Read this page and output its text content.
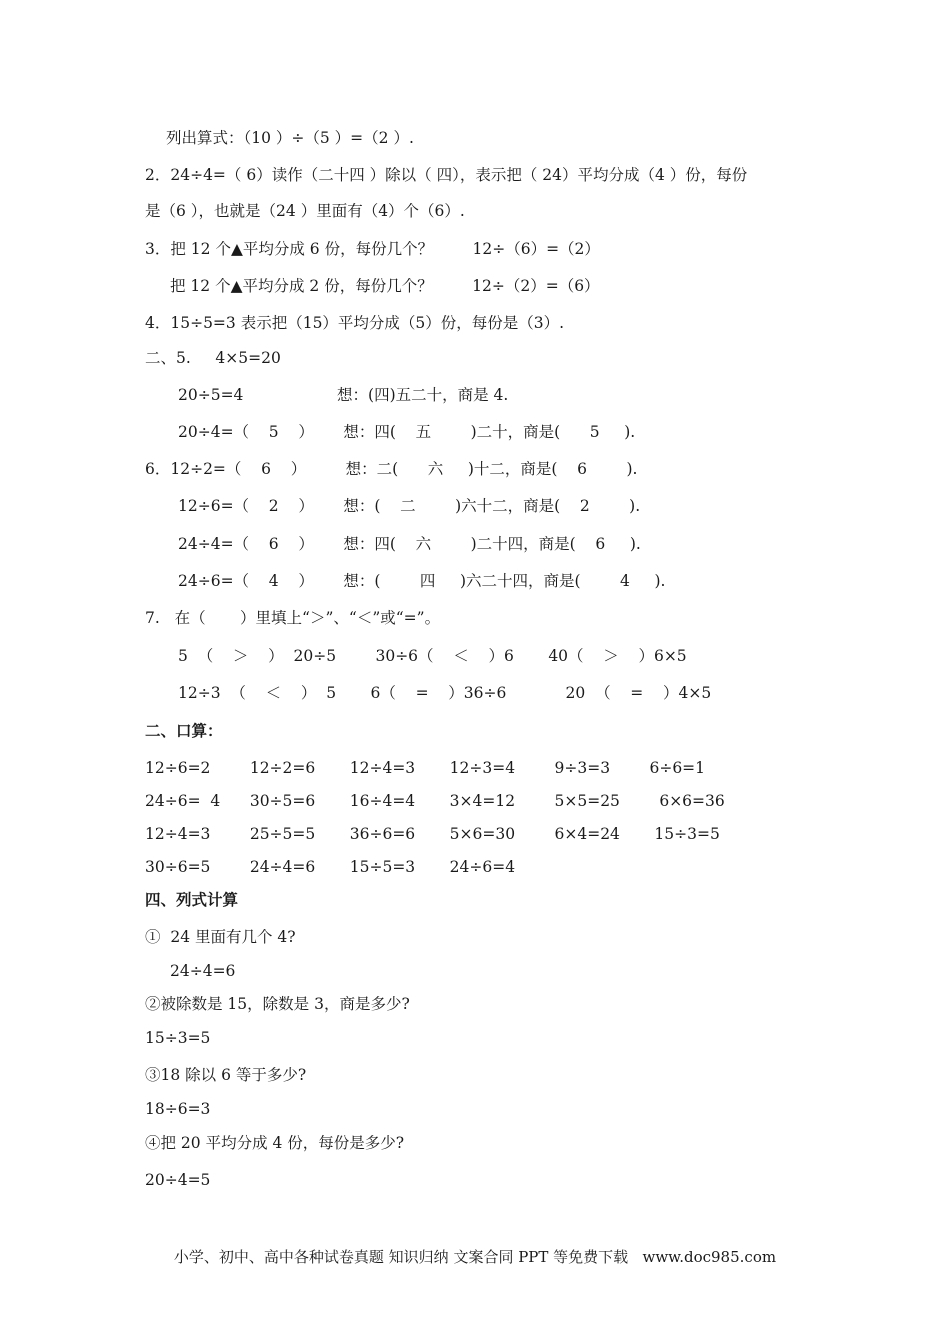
列出算式：（10 ）÷（5 ）=（2 ）.
2．24÷4=（ 6）读作（二十四 ）除以（ 四），表示把（ 24）平均分成（4 ）份，每份
是（6 ），也就是（24 ）里面有（4）个（6）.
3．把 12 个▲平均分成 6 份，每份几个？        12÷（6）=（2）
把 12 个▲平均分成 2 份，每份几个？        12÷（2）=（6）
4．15÷5=3 表示把（15）平均分成（5）份，每份是（3）.
二、5.     4×5=20
20÷5=4                   想：(四)五二十，商是 4.
20÷4=（    5    ）      想：四(    五        )二十，商是(      5     ).
6．12÷2=（    6    ）        想：二(      六     )十二，商是(    6        ).
12÷6=（    2    ）      想：(    二        )六十二，商是(    2        ).
24÷4=（    6    ）      想：四(    六        )二十四，商是(    6     ).
24÷6=（    4    ）      想：(        四     )六二十四，商是(        4     ).
7.   在（       ）里填上“＞”、“＜”或“=”。
5  （    ＞    ）  20÷5        30÷6（    ＜    ）6       40（    ＞    ）6×5
12÷3  （    ＜    ）  5       6（    =    ）36÷6            20  （    =    ）4×5
二、口算：
12÷6=2        12÷2=6       12÷4=3       12÷3=4        9÷3=3        6÷6=1
24÷6=  4      30÷5=6       16÷4=4       3×4=12        5×5=25        6×6=36
12÷4=3        25÷5=5       36÷6=6       5×6=30        6×4=24       15÷3=5
30÷6=5        24÷4=6       15÷5=3       24÷6=4
四、列式计算
①  24 里面有几个 4?
24÷4=6
②被除数是 15，除数是 3，商是多少?
15÷3=5
③18 除以 6 等于多少?
18÷6=3
④把 20 平均分成 4 份，每份是多少?
20÷4=5
小学、初中、高中各种试卷真题 知识归纳 文案合同 PPT 等免费下载   www.doc985.com
